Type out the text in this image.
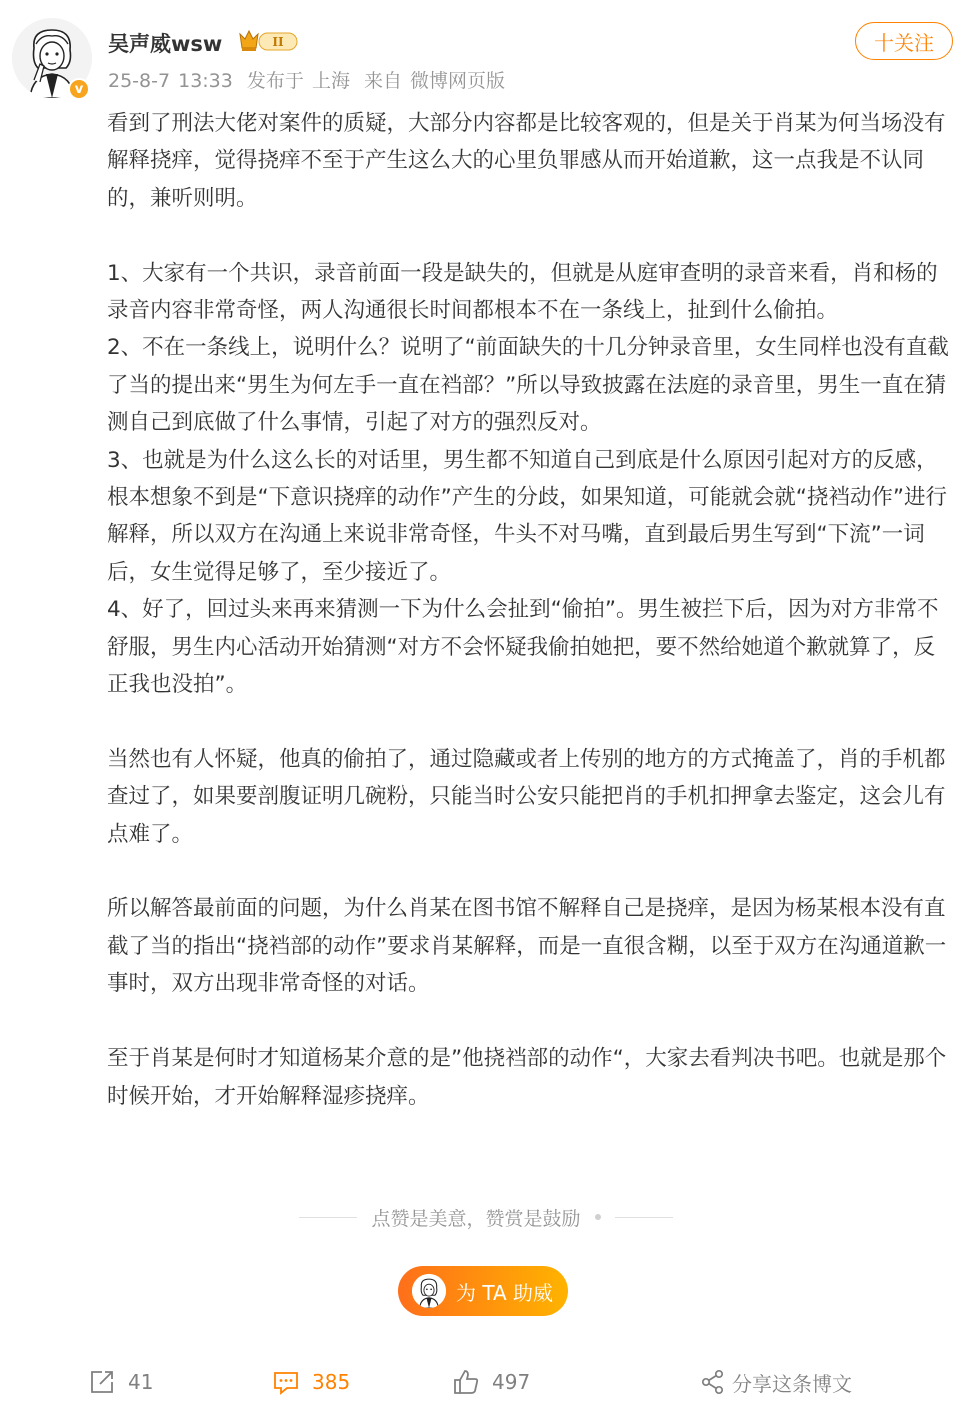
v
吴声威wsw	II
25-8-7 13:33 发布于 上海 来自 微博网页版
十关注

看到了刑法大佬对案件的质疑，大部分内容都是比较客观的，但是关于肖某为何当场没有解释挠痒，觉得挠痒不至于产生这么大的心里负罪感从而开始道歉，这一点我是不认同的，兼听则明。

1、大家有一个共识，录音前面一段是缺失的，但就是从庭审查明的录音来看，肖和杨的录音内容非常奇怪，两人沟通很长时间都根本不在一条线上，扯到什么偷拍。

2、不在一条线上，说明什么？说明了“前面缺失的十几分钟录音里，女生同样也没有直截了当的提出来“男生为何左手一直在裆部？”所以导致披露在法庭的录音里，男生一直在猜测自己到底做了什么事情，引起了对方的强烈反对。

3、也就是为什么这么长的对话里，男生都不知道自己到底是什么原因引起对方的反感，根本想象不到是“下意识挠痒的动作”产生的分歧，如果知道，可能就会就“挠裆动作”进行解释，所以双方在沟通上来说非常奇怪，牛头不对马嘴，直到最后男生写到“下流”一词后，女生觉得足够了，至少接近了。

4、好了，回过头来再来猜测一下为什么会扯到“偷拍”。男生被拦下后，因为对方非常不舒服，男生内心活动开始猜测“对方不会怀疑我偷拍她把，要不然给她道个歉就算了，反正我也没拍”。

当然也有人怀疑，他真的偷拍了，通过隐藏或者上传别的地方的方式掩盖了，肖的手机都查过了，如果要剖腹证明几碗粉，只能当时公安只能把肖的手机扣押拿去鉴定，这会儿有点难了。

所以解答最前面的问题，为什么肖某在图书馆不解释自己是挠痒，是因为杨某根本没有直截了当的指出“挠裆部的动作”要求肖某解释，而是一直很含糊，以至于双方在沟通道歉一事时，双方出现非常奇怪的对话。

至于肖某是何时才知道杨某介意的是”他挠裆部的动作“，大家去看判决书吧。也就是那个时候开始，才开始解释湿疹挠痒。

点赞是美意，赞赏是鼓励
为 TA 助威
41	385	497	分享这条博文
